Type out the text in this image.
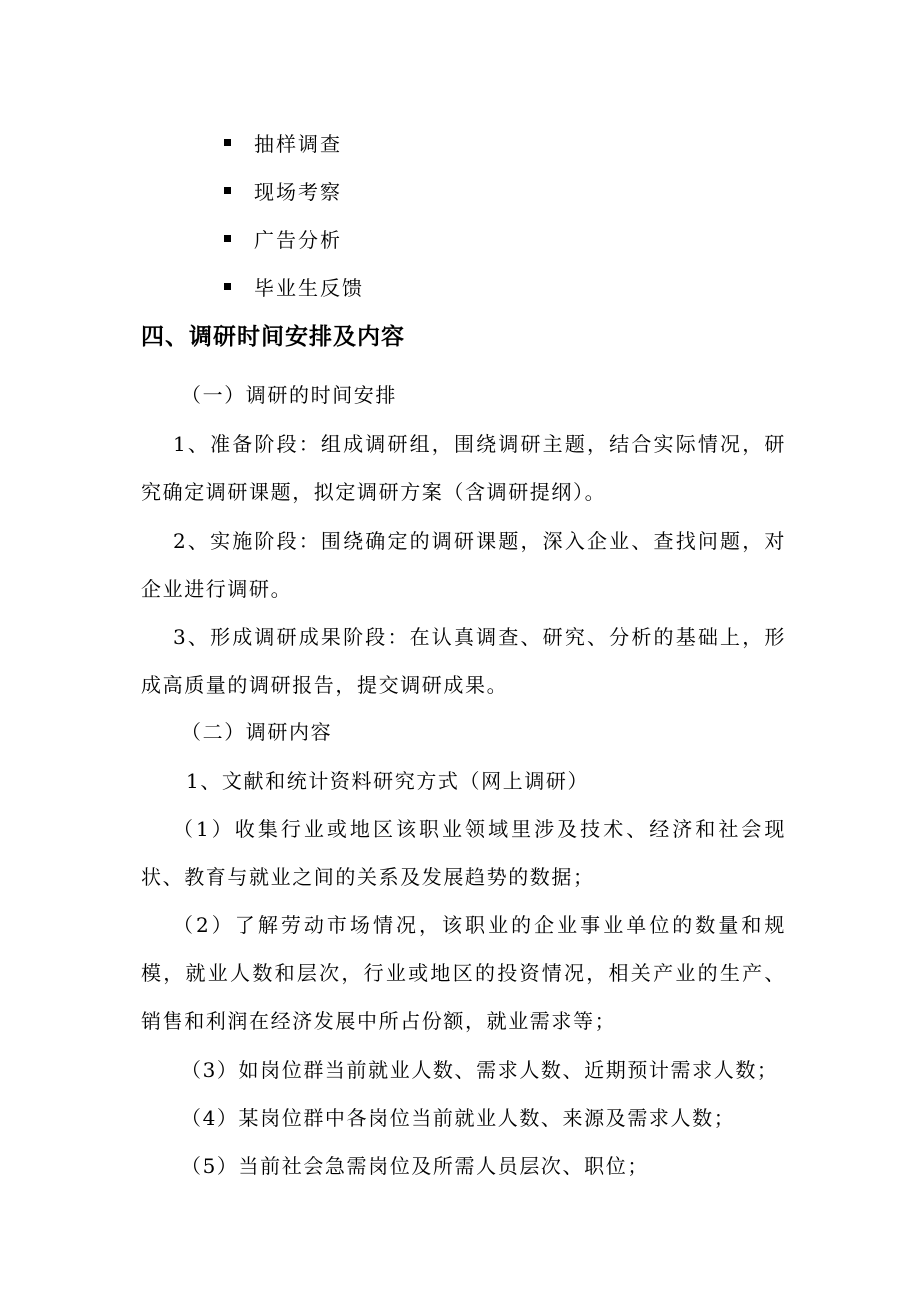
抽样调查
现场考察
广告分析
毕业生反馈
四、调研时间安排及内容

（一）调研的时间安排

1、准备阶段：组成调研组，围绕调研主题，结合实际情况，研究确定调研课题，拟定调研方案（含调研提纲）。

2、实施阶段：围绕确定的调研课题，深入企业、查找问题，对企业进行调研。

3、形成调研成果阶段：在认真调查、研究、分析的基础上，形成高质量的调研报告，提交调研成果。

（二）调研内容

1、文献和统计资料研究方式（网上调研）

（1）收集行业或地区该职业领域里涉及技术、经济和社会现状、教育与就业之间的关系及发展趋势的数据；

（2）了解劳动市场情况，该职业的企业事业单位的数量和规模，就业人数和层次，行业或地区的投资情况，相关产业的生产、销售和利润在经济发展中所占份额，就业需求等；

（3）如岗位群当前就业人数、需求人数、近期预计需求人数；

（4）某岗位群中各岗位当前就业人数、来源及需求人数；

（5）当前社会急需岗位及所需人员层次、职位；
